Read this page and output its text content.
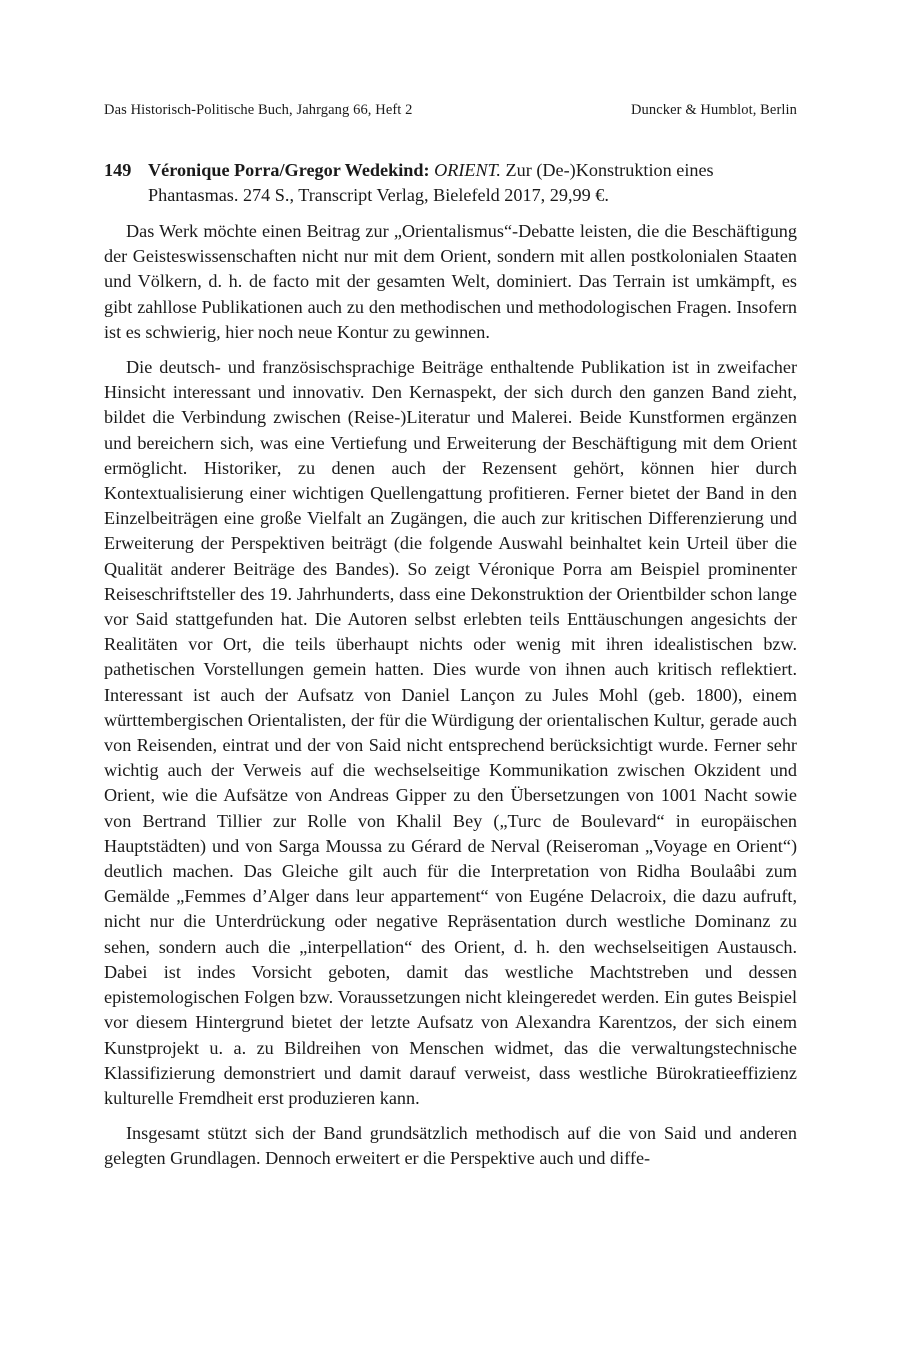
Das Historisch-Politische Buch, Jahrgang 66, Heft 2	Duncker & Humblot, Berlin

149 Véronique Porra/Gregor Wedekind: ORIENT. Zur (De-)Konstruktion eines Phantasmas. 274 S., Transcript Verlag, Bielefeld 2017, 29,99 €.

Das Werk möchte einen Beitrag zur „Orientalismus“-Debatte leisten, die die Beschäftigung der Geisteswissenschaften nicht nur mit dem Orient, sondern mit allen postkolonialen Staaten und Völkern, d. h. de facto mit der gesamten Welt, dominiert. Das Terrain ist umkämpft, es gibt zahllose Publikationen auch zu den methodischen und methodologischen Fragen. Insofern ist es schwierig, hier noch neue Kontur zu gewinnen.

Die deutsch- und französischsprachige Beiträge enthaltende Publikation ist in zweifacher Hinsicht interessant und innovativ. Den Kernaspekt, der sich durch den ganzen Band zieht, bildet die Verbindung zwischen (Reise-)Literatur und Malerei. Beide Kunstformen ergänzen und bereichern sich, was eine Vertiefung und Erweiterung der Beschäftigung mit dem Orient ermöglicht. Historiker, zu denen auch der Rezensent gehört, können hier durch Kontextualisierung einer wichtigen Quellengattung profitieren. Ferner bietet der Band in den Einzelbeiträgen eine große Vielfalt an Zugängen, die auch zur kritischen Differenzierung und Erweiterung der Perspektiven beiträgt (die folgende Auswahl beinhaltet kein Urteil über die Qualität anderer Beiträge des Bandes). So zeigt Véronique Porra am Beispiel prominenter Reiseschriftsteller des 19. Jahrhunderts, dass eine Dekonstruktion der Orientbilder schon lange vor Said stattgefunden hat. Die Autoren selbst erlebten teils Enttäuschungen angesichts der Realitäten vor Ort, die teils überhaupt nichts oder wenig mit ihren idealistischen bzw. pathetischen Vorstellungen gemein hatten. Dies wurde von ihnen auch kritisch reflektiert. Interessant ist auch der Aufsatz von Daniel Lançon zu Jules Mohl (geb. 1800), einem württembergischen Orientalisten, der für die Würdigung der orientalischen Kultur, gerade auch von Reisenden, eintrat und der von Said nicht entsprechend berücksichtigt wurde. Ferner sehr wichtig auch der Verweis auf die wechselseitige Kommunikation zwischen Okzident und Orient, wie die Aufsätze von Andreas Gipper zu den Übersetzungen von 1001 Nacht sowie von Bertrand Tillier zur Rolle von Khalil Bey („Turc de Boulevard“ in europäischen Hauptstädten) und von Sarga Moussa zu Gérard de Nerval (Reiseroman „Voyage en Orient“) deutlich machen. Das Gleiche gilt auch für die Interpretation von Ridha Boulaâbi zum Gemälde „Femmes d’Alger dans leur appartement“ von Eugéne Delacroix, die dazu aufruft, nicht nur die Unterdrückung oder negative Repräsentation durch westliche Dominanz zu sehen, sondern auch die „interpellation“ des Orient, d. h. den wechselseitigen Austausch. Dabei ist indes Vorsicht geboten, damit das westliche Machtstreben und dessen epistemologischen Folgen bzw. Voraussetzungen nicht kleingeredet werden. Ein gutes Beispiel vor diesem Hintergrund bietet der letzte Aufsatz von Alexandra Karentzos, der sich einem Kunstprojekt u. a. zu Bildreihen von Menschen widmet, das die verwaltungstechnische Klassifizierung demonstriert und damit darauf verweist, dass westliche Bürokratieeffizienz kulturelle Fremdheit erst produzieren kann.

Insgesamt stützt sich der Band grundsätzlich methodisch auf die von Said und anderen gelegten Grundlagen. Dennoch erweitert er die Perspektive auch und diffe-
